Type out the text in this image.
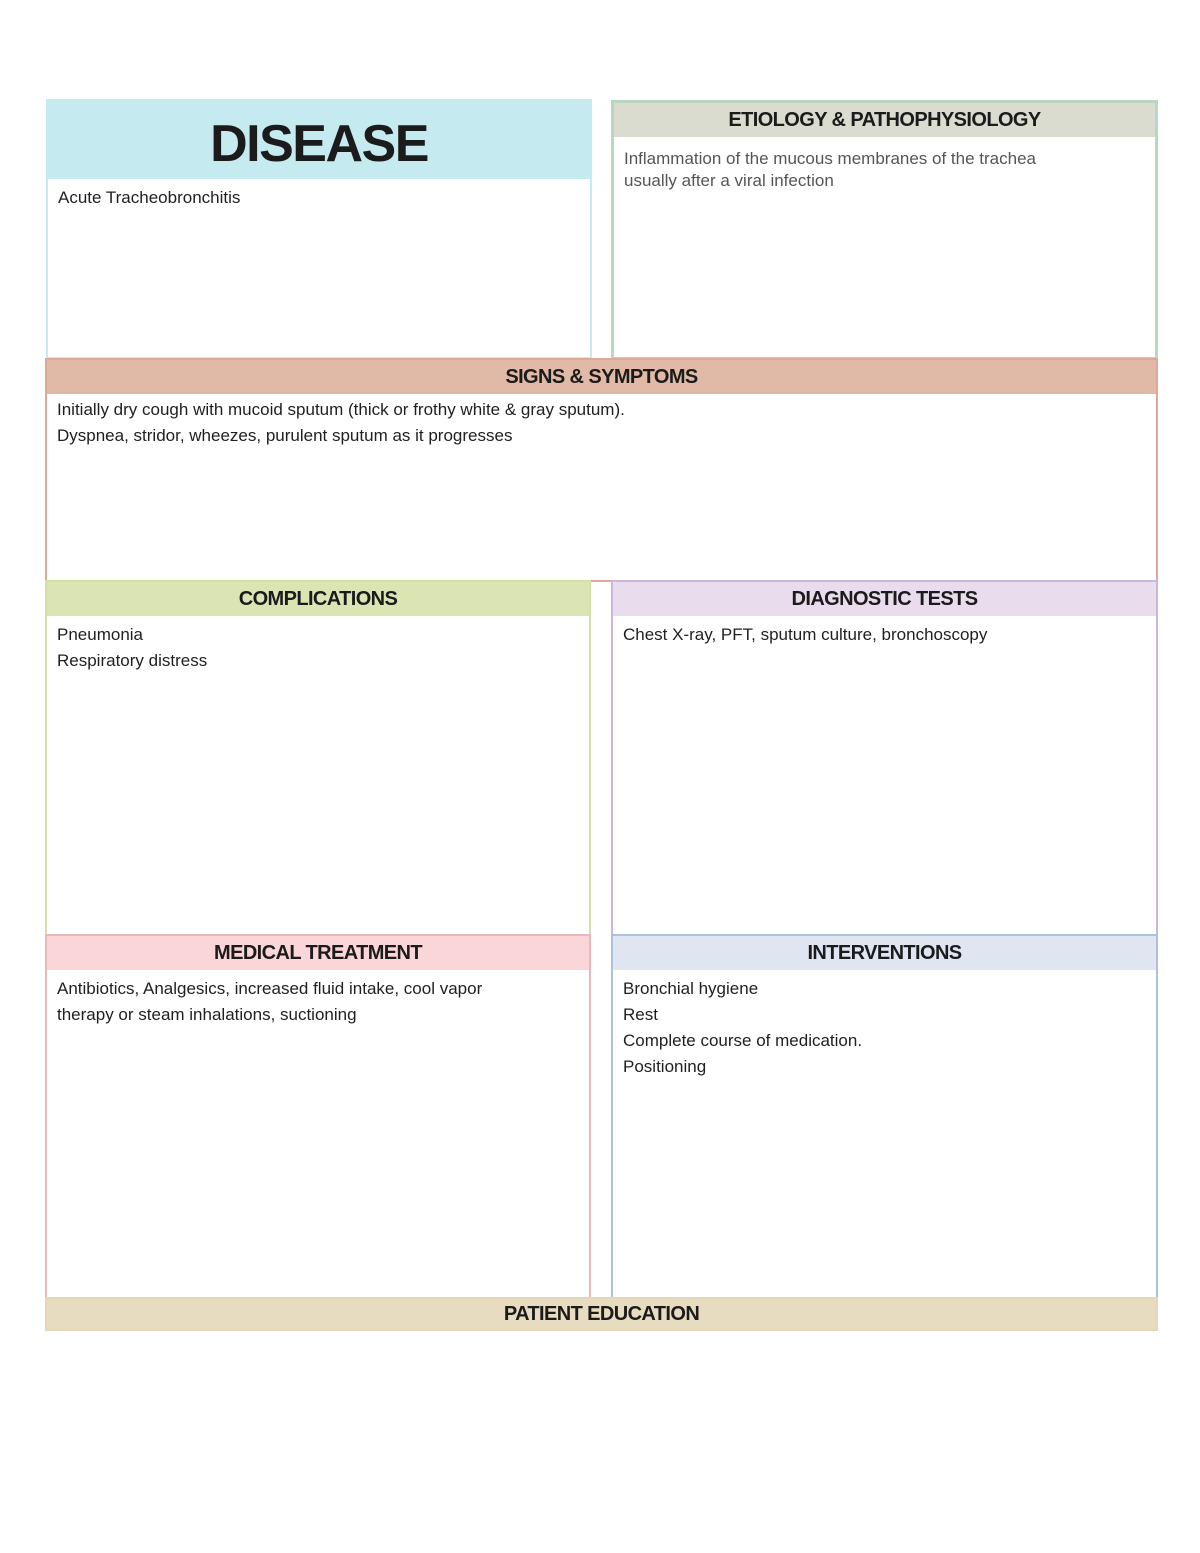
DISEASE
Acute Tracheobronchitis
ETIOLOGY & PATHOPHYSIOLOGY
Inflammation of the mucous membranes of the trachea
usually after a viral infection
SIGNS & SYMPTOMS
Initially dry cough with mucoid sputum (thick or frothy white & gray sputum).
Dyspnea, stridor, wheezes, purulent sputum as it progresses
COMPLICATIONS
Pneumonia
Respiratory distress
DIAGNOSTIC TESTS
Chest X-ray, PFT, sputum culture, bronchoscopy
MEDICAL TREATMENT
Antibiotics, Analgesics, increased fluid intake, cool vapor
therapy or steam inhalations, suctioning
INTERVENTIONS
Bronchial hygiene
Rest
Complete course of medication.
Positioning
PATIENT EDUCATION
